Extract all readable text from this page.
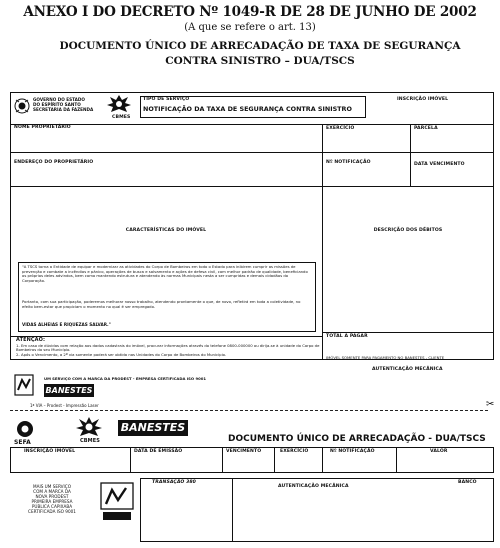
ANEXO I DO DECRETO Nº 1049-R DE 28 DE JUNHO DE 2002
(A que se refere o art. 13)
DOCUMENTO ÚNICO DE ARRECADAÇÃO DE TAXA DE SEGURANÇA
CONTRA SINISTRO – DUA/TSCS
GOVERNO DO ESTADO
DO ESPÍRITO SANTO
SECRETARIA DA FAZENDA
CBMES
TIPO DE SERVIÇO
NOTIFICAÇÃO DA TAXA DE SEGURANÇA CONTRA SINISTRO
INSCRIÇÃO IMÓVEL
NOME PROPRIETÁRIO	EXERCÍCIO	PARCELA
ENDEREÇO DO PROPRIETÁRIO	Nº NOTIFICAÇÃO	DATA VENCIMENTO
CARACTERÍSTICAS DO IMÓVEL	DESCRIÇÃO DOS DÉBITOS
"A TSCS torna a Entidade de equipar e modernizar as atividades do Corpo de Bombeiros em todo o Estado para inibirem cumprir as missões de prevenção e combate a incêndios e pânico, operações de busca e salvamento e ações de defesa civil, com melhor padrão de qualidade, beneficiando os próprios deles advindos, bem como mantendo estrutura e atendendo às normas Municipais nesta a ser cumpridas e demais cidadãos do Corporação.
Portanto, com sua participação, poderemos melhorar nosso trabalho, atendendo prontamente o que, de novo, refletirá em toda a coletividade, no efeito bem-estar que propiciam o momento no qual é ser empregado.
VIDAS ALHEIAS E RIQUEZAS SALVAR."
TOTAL A PAGAR
ATENÇÃO:
1- Em caso de dúvidas com relação aos dados cadastrais do imóvel, procurar informações através do telefone 0800-000000 ou dirija-se à unidade do Corpo de Bombeiros do seu Município.
2- Após o Vencimento, a 2ª via somente poderá ser obtida nas Unidades do Corpo de Bombeiros do Município.
IMÓVEL SOMENTE PARA PAGAMENTO NO BANESTES - CLIENTE
AUTENTICAÇÃO MECÂNICA
UM SERVIÇO COM A MARCA DA PRODEST - EMPRESA CERTIFICADA ISO 9001
BANESTES
1ª VIA – Prodest - Impressão Laser	✂
SEFA	CBMES
BANESTES
DOCUMENTO ÚNICO DE ARRECADAÇÃO - DUA/TSCS
INSCRIÇÃO IMÓVEL	DATA DE EMISSÃO	VENCIMENTO	EXERCÍCIO	Nº NOTIFICAÇÃO	VALOR
MAIS UM SERVIÇO
COM A MARCA DA
NOVA PRODEST
PRIMEIRA EMPRESA
PÚBLICA CAPIXABA
CERTIFICADA ISO 9001
TRANSAÇÃO 380
AUTENTICAÇÃO MECÂNICA
BANCO
